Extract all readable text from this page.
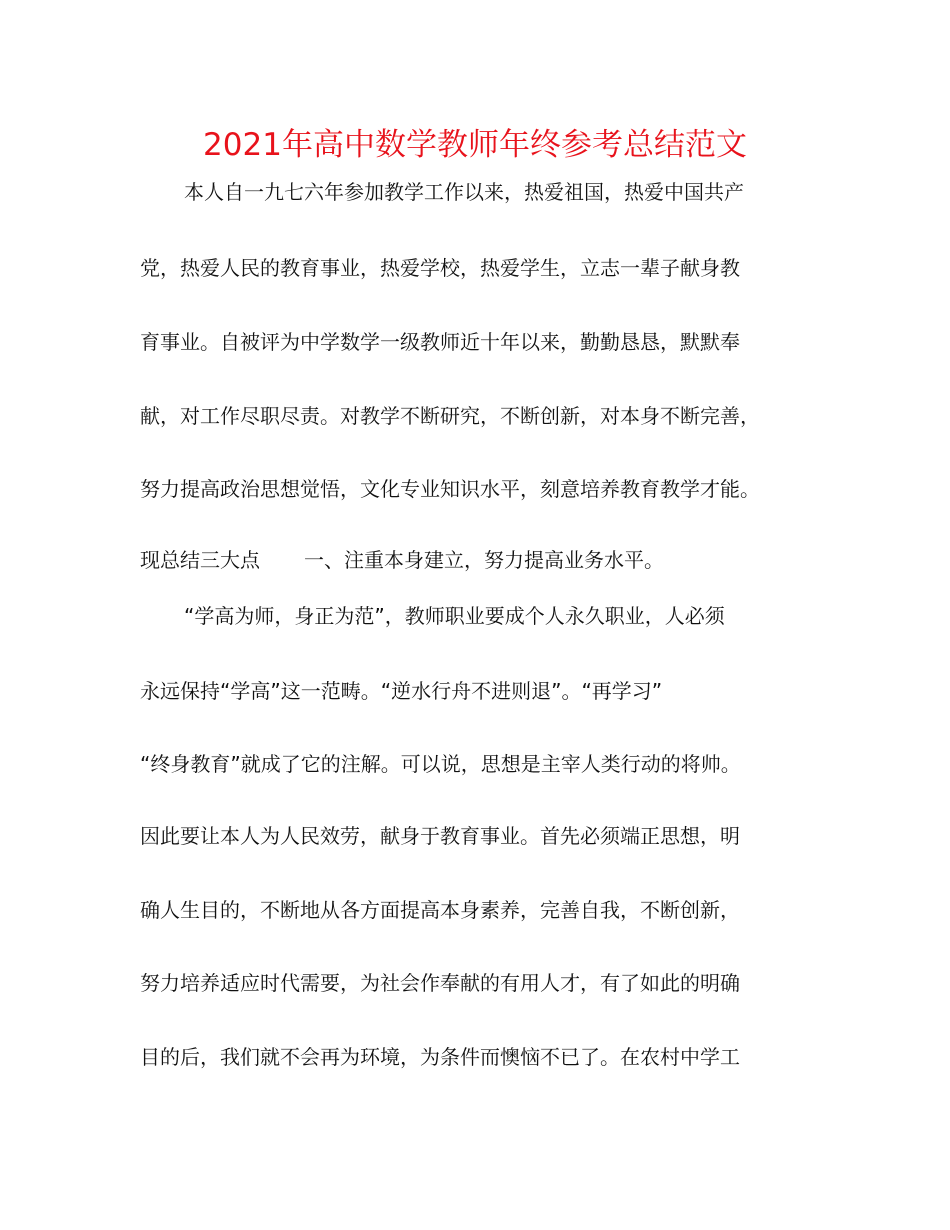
2021年高中数学教师年终参考总结范文
本人自一九七六年参加教学工作以来，热爱祖国，热爱中国共产
党，热爱人民的教育事业，热爱学校，热爱学生，立志一辈子献身教
育事业。自被评为中学数学一级教师近十年以来，勤勤恳恳，默默奉
献，对工作尽职尽责。对教学不断研究，不断创新，对本身不断完善，
努力提高政治思想觉悟，文化专业知识水平，刻意培养教育教学才能。
现总结三大点 一、注重本身建立，努力提高业务水平。
“学高为师，身正为范”，教师职业要成个人永久职业，人必须
永远保持“学高”这一范畴。“逆水行舟不进则退”。“再学习”
“终身教育”就成了它的注解。可以说，思想是主宰人类行动的将帅。
因此要让本人为人民效劳，献身于教育事业。首先必须端正思想，明
确人生目的，不断地从各方面提高本身素养，完善自我，不断创新，
努力培养适应时代需要，为社会作奉献的有用人才，有了如此的明确
目的后，我们就不会再为环境，为条件而懊恼不已了。在农村中学工
